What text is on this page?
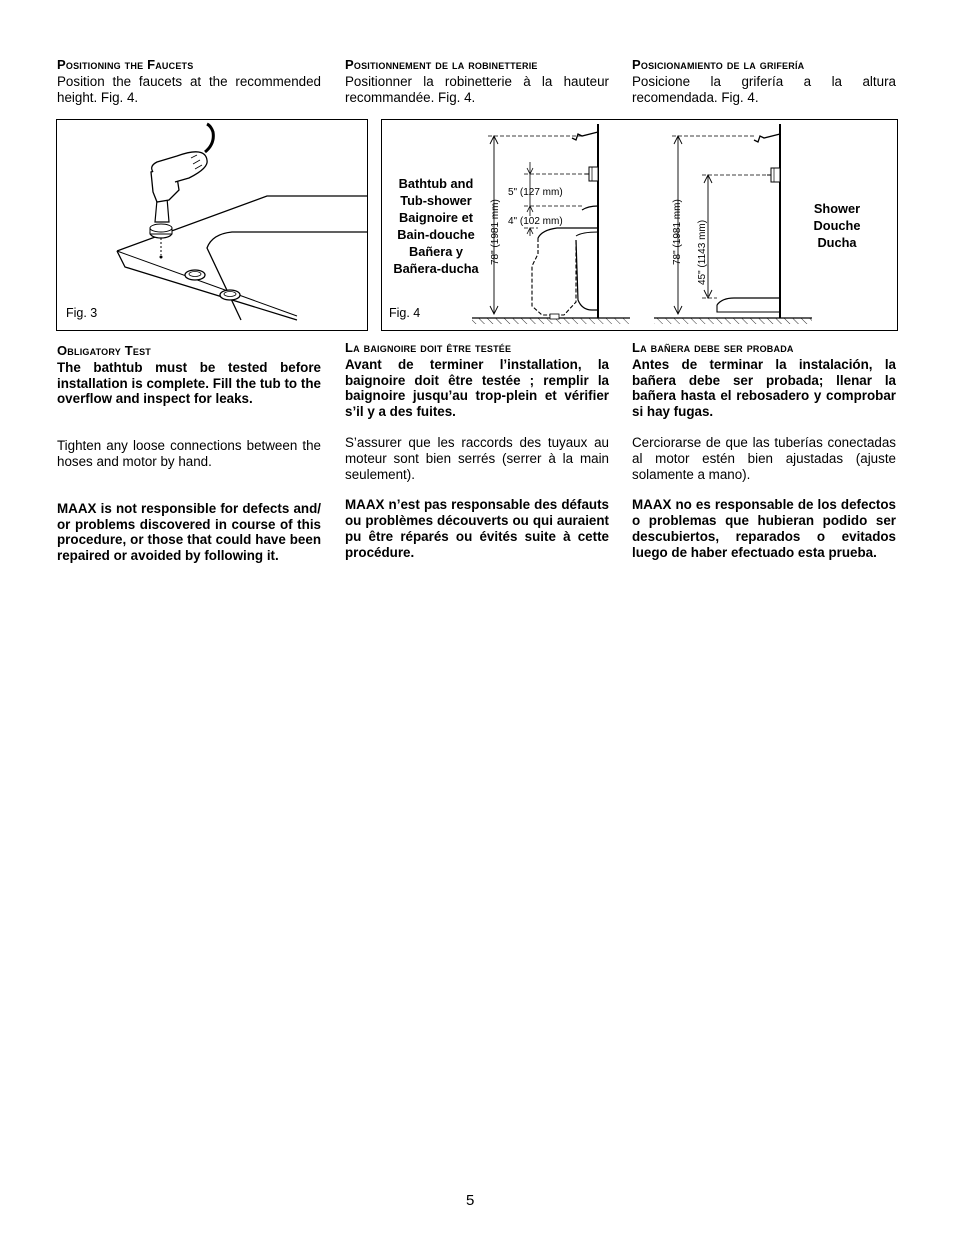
Positioning the Faucets

Position the faucets at the recommended height. Fig. 4.

Positionnement de la robinetterie

Positionner la robinetterie à la hauteur recommandée. Fig. 4.

Posicionamiento de la grifería

Posicione la grifería a la altura recomendada. Fig. 4.

Fig. 3
Bathtub and
Tub-shower
Baignoire et
Bain-douche
Bañera y
Bañera-ducha
Shower
Douche
Ducha
78" (1981 mm)	78" (1981 mm) 45" (1143 mm)
5" (127 mm)
4" (102 mm)
Fig. 4
Obligatory Test

The bathtub must be tested before installation is complete. Fill the tub to the overflow and inspect for leaks.

Tighten any loose connections between the hoses and motor by hand.

MAAX is not responsible for defects and/ or problems discovered in course of this procedure, or those that could have been repaired or avoided by following it.

La baignoire doit être testée

Avant de terminer l’installation, la baignoire doit être testée ; remplir la baignoire jusqu’au trop-plein et vérifier s’il y a des fuites.

S’assurer que les raccords des tuyaux au moteur sont bien serrés (serrer à la main seulement).

MAAX n’est pas responsable des défauts ou problèmes découverts ou qui auraient pu être réparés ou évités suite à cette procédure.

La bañera debe ser probada

Antes de terminar la instalación, la bañera debe ser probada; llenar la bañera hasta el rebosadero y comprobar si hay fugas.

Cerciorarse de que las tuberías conectadas al motor estén bien ajustadas (ajuste solamente a mano).

MAAX no es responsable de los defectos o problemas que hubieran podido ser descubiertos, reparados o evitados luego de haber efectuado esta prueba.

5
